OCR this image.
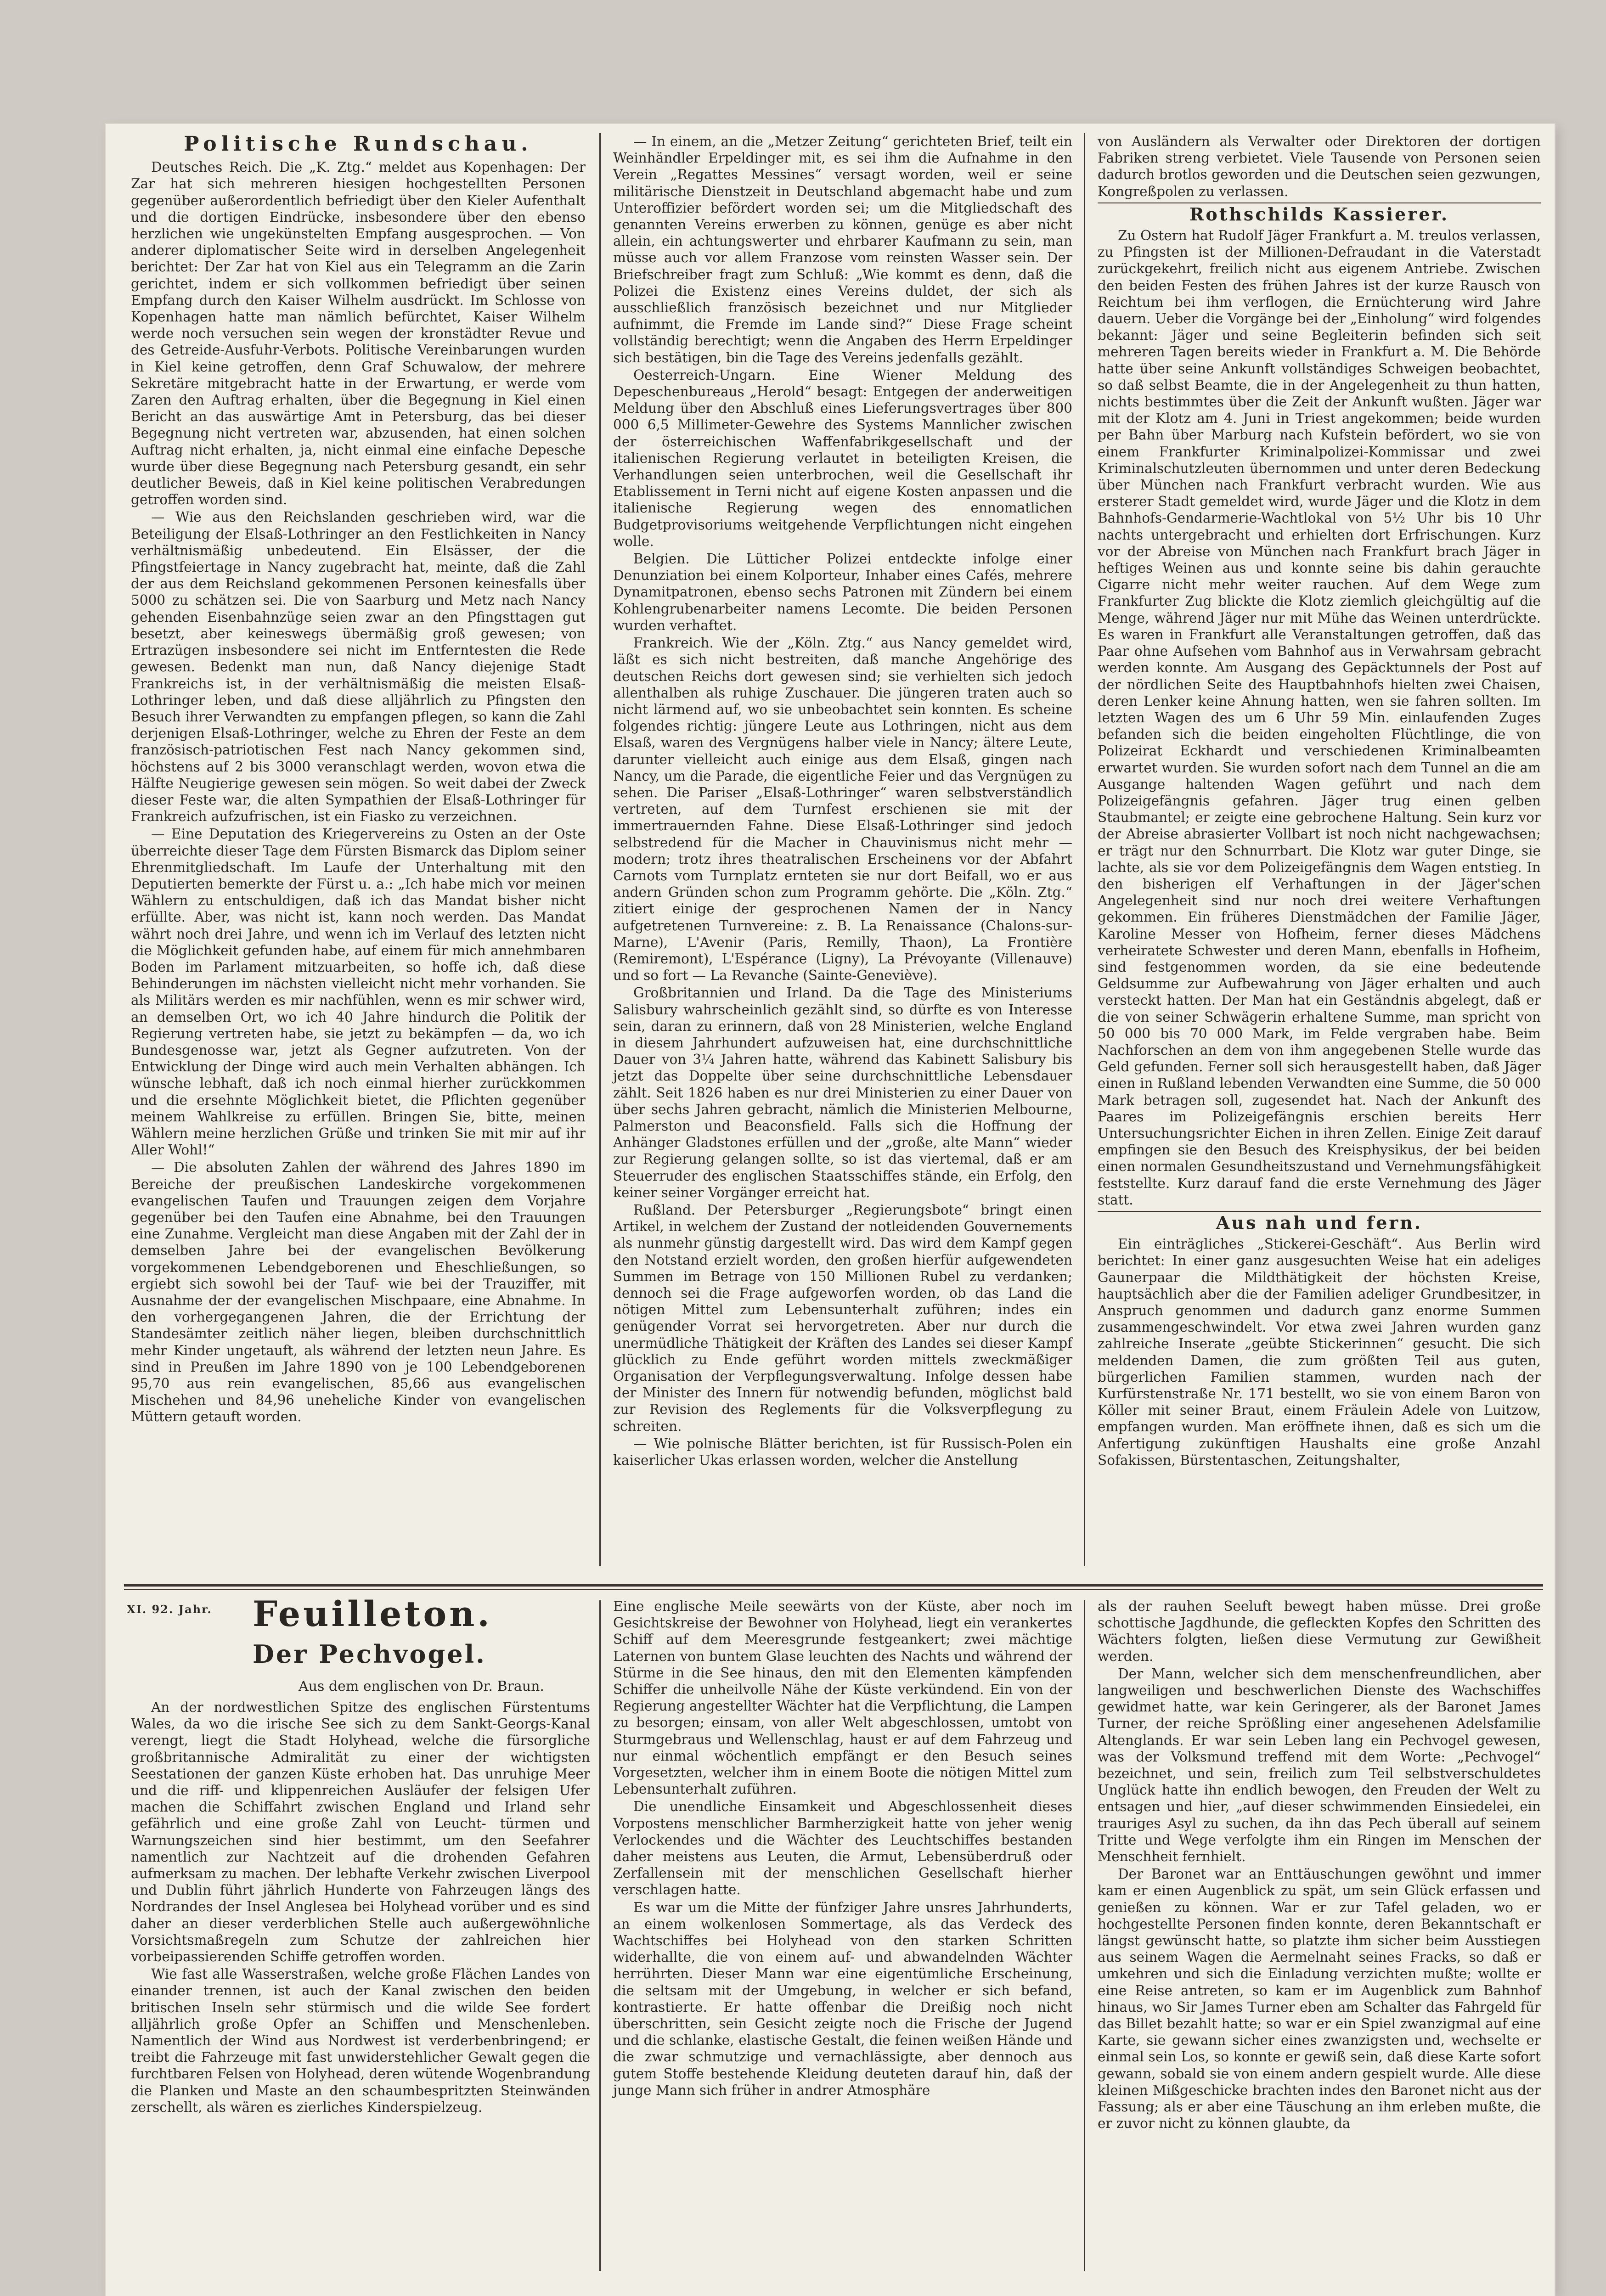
Politische Rundschau.

Deutsches Reich. Die „K. Ztg.“ meldet aus Kopenhagen: Der Zar hat sich mehreren hiesigen hochgestellten Personen gegenüber außerordentlich befriedigt über den Kieler Aufenthalt und die dortigen Eindrücke, insbesondere über den ebenso herzlichen wie ungekünstelten Empfang ausgesprochen. — Von anderer diplomatischer Seite wird in derselben Angelegenheit berichtet: Der Zar hat von Kiel aus ein Telegramm an die Zarin gerichtet, indem er sich vollkommen befriedigt über seinen Empfang durch den Kaiser Wilhelm ausdrückt. Im Schlosse von Kopenhagen hatte man nämlich befürchtet, Kaiser Wilhelm werde noch versuchen sein wegen der kronstädter Revue und des Getreide-Ausfuhr-Verbots. Politische Vereinbarungen wurden in Kiel keine getroffen, denn Graf Schuwalow, der mehrere Sekretäre mitgebracht hatte in der Erwartung, er werde vom Zaren den Auftrag erhalten, über die Begegnung in Kiel einen Bericht an das auswärtige Amt in Petersburg, das bei dieser Begegnung nicht vertreten war, abzusenden, hat einen solchen Auftrag nicht erhalten, ja, nicht einmal eine einfache Depesche wurde über diese Begegnung nach Petersburg gesandt, ein sehr deutlicher Beweis, daß in Kiel keine politischen Verabredungen getroffen worden sind.

— Wie aus den Reichslanden geschrieben wird, war die Beteiligung der Elsaß-Lothringer an den Festlichkeiten in Nancy verhältnismäßig unbedeutend. Ein Elsässer, der die Pfingstfeiertage in Nancy zugebracht hat, meinte, daß die Zahl der aus dem Reichsland gekommenen Personen keinesfalls über 5000 zu schätzen sei. Die von Saarburg und Metz nach Nancy gehenden Eisenbahnzüge seien zwar an den Pfingsttagen gut besetzt, aber keineswegs übermäßig groß gewesen; von Ertrazügen insbesondere sei nicht im Entferntesten die Rede gewesen. Bedenkt man nun, daß Nancy diejenige Stadt Frankreichs ist, in der verhältnismäßig die meisten Elsaß-Lothringer leben, und daß diese alljährlich zu Pfingsten den Besuch ihrer Verwandten zu empfangen pflegen, so kann die Zahl derjenigen Elsaß-Lothringer, welche zu Ehren der Feste an dem französisch-patriotischen Fest nach Nancy gekommen sind, höchstens auf 2 bis 3000 veranschlagt werden, wovon etwa die Hälfte Neugierige gewesen sein mögen. So weit dabei der Zweck dieser Feste war, die alten Sympathien der Elsaß-Lothringer für Frankreich aufzufrischen, ist ein Fiasko zu verzeichnen.

— Eine Deputation des Kriegervereins zu Osten an der Oste überreichte dieser Tage dem Fürsten Bismarck das Diplom seiner Ehrenmitgliedschaft. Im Laufe der Unterhaltung mit den Deputierten bemerkte der Fürst u. a.: „Ich habe mich vor meinen Wählern zu entschuldigen, daß ich das Mandat bisher nicht erfüllte. Aber, was nicht ist, kann noch werden. Das Mandat währt noch drei Jahre, und wenn ich im Verlauf des letzten nicht die Möglichkeit gefunden habe, auf einem für mich annehmbaren Boden im Parlament mitzuarbeiten, so hoffe ich, daß diese Behinderungen im nächsten vielleicht nicht mehr vorhanden. Sie als Militärs werden es mir nachfühlen, wenn es mir schwer wird, an demselben Ort, wo ich 40 Jahre hindurch die Politik der Regierung vertreten habe, sie jetzt zu bekämpfen — da, wo ich Bundesgenosse war, jetzt als Gegner aufzutreten. Von der Entwicklung der Dinge wird auch mein Verhalten abhängen. Ich wünsche lebhaft, daß ich noch einmal hierher zurückkommen und die ersehnte Möglichkeit bietet, die Pflichten gegenüber meinem Wahlkreise zu erfüllen. Bringen Sie, bitte, meinen Wählern meine herzlichen Grüße und trinken Sie mit mir auf ihr Aller Wohl!“

— Die absoluten Zahlen der während des Jahres 1890 im Bereiche der preußischen Landeskirche vorgekommenen evangelischen Taufen und Trauungen zeigen dem Vorjahre gegenüber bei den Taufen eine Abnahme, bei den Trauungen eine Zunahme. Vergleicht man diese Angaben mit der Zahl der in demselben Jahre bei der evangelischen Bevölkerung vorgekommenen Lebendgeborenen und Eheschließungen, so ergiebt sich sowohl bei der Tauf- wie bei der Trauziffer, mit Ausnahme der der evangelischen Mischpaare, eine Abnahme. In den vorhergegangenen Jahren, die der Errichtung der Standesämter zeitlich näher liegen, bleiben durchschnittlich mehr Kinder ungetauft, als während der letzten neun Jahre. Es sind in Preußen im Jahre 1890 von je 100 Lebendgeborenen 95,70 aus rein evangelischen, 85,66 aus evangelischen Mischehen und 84,96 uneheliche Kinder von evangelischen Müttern getauft worden.

— In einem, an die „Metzer Zeitung“ gerichteten Brief, teilt ein Weinhändler Erpeldinger mit, es sei ihm die Aufnahme in den Verein „Regattes Messines“ versagt worden, weil er seine militärische Dienstzeit in Deutschland abgemacht habe und zum Unteroffizier befördert worden sei; um die Mitgliedschaft des genannten Vereins erwerben zu können, genüge es aber nicht allein, ein achtungswerter und ehrbarer Kaufmann zu sein, man müsse auch vor allem Franzose vom reinsten Wasser sein. Der Briefschreiber fragt zum Schluß: „Wie kommt es denn, daß die Polizei die Existenz eines Vereins duldet, der sich als ausschließlich französisch bezeichnet und nur Mitglieder aufnimmt, die Fremde im Lande sind?“ Diese Frage scheint vollständig berechtigt; wenn die Angaben des Herrn Erpeldinger sich bestätigen, bin die Tage des Vereins jedenfalls gezählt.

Oesterreich-Ungarn. Eine Wiener Meldung des Depeschenbureaus „Herold“ besagt: Entgegen der anderweitigen Meldung über den Abschluß eines Lieferungsvertrages über 800 000 6,5 Millimeter-Gewehre des Systems Mannlicher zwischen der österreichischen Waffenfabrikgesellschaft und der italienischen Regierung verlautet in beteiligten Kreisen, die Verhandlungen seien unterbrochen, weil die Gesellschaft ihr Etablissement in Terni nicht auf eigene Kosten anpassen und die italienische Regierung wegen des ennomatlichen Budgetprovisoriums weitgehende Verpflichtungen nicht eingehen wolle.

Belgien. Die Lütticher Polizei entdeckte infolge einer Denunziation bei einem Kolporteur, Inhaber eines Cafés, mehrere Dynamitpatronen, ebenso sechs Patronen mit Zündern bei einem Kohlengrubenarbeiter namens Lecomte. Die beiden Personen wurden verhaftet.

Frankreich. Wie der „Köln. Ztg.“ aus Nancy gemeldet wird, läßt es sich nicht bestreiten, daß manche Angehörige des deutschen Reichs dort gewesen sind; sie verhielten sich jedoch allenthalben als ruhige Zuschauer. Die jüngeren traten auch so nicht lärmend auf, wo sie unbeobachtet sein konnten. Es scheine folgendes richtig: jüngere Leute aus Lothringen, nicht aus dem Elsaß, waren des Vergnügens halber viele in Nancy; ältere Leute, darunter vielleicht auch einige aus dem Elsaß, gingen nach Nancy, um die Parade, die eigentliche Feier und das Vergnügen zu sehen. Die Pariser „Elsaß-Lothringer“ waren selbstverständlich vertreten, auf dem Turnfest erschienen sie mit der immertrauernden Fahne. Diese Elsaß-Lothringer sind jedoch selbstredend für die Macher in Chauvinismus nicht mehr — modern; trotz ihres theatralischen Erscheinens vor der Abfahrt Carnots vom Turnplatz ernteten sie nur dort Beifall, wo er aus andern Gründen schon zum Programm gehörte. Die „Köln. Ztg.“ zitiert einige der gesprochenen Namen der in Nancy aufgetretenen Turnvereine: z. B. La Renaissance (Chalons-sur-Marne), L'Avenir (Paris, Remilly, Thaon), La Frontière (Remiremont), L'Espérance (Ligny), La Prévoyante (Villenauve) und so fort — La Revanche (Sainte-Geneviève).

Großbritannien und Irland. Da die Tage des Ministeriums Salisbury wahrscheinlich gezählt sind, so dürfte es von Interesse sein, daran zu erinnern, daß von 28 Ministerien, welche England in diesem Jahrhundert aufzuweisen hat, eine durchschnittliche Dauer von 3¼ Jahren hatte, während das Kabinett Salisbury bis jetzt das Doppelte über seine durchschnittliche Lebensdauer zählt. Seit 1826 haben es nur drei Ministerien zu einer Dauer von über sechs Jahren gebracht, nämlich die Ministerien Melbourne, Palmerston und Beaconsfield. Falls sich die Hoffnung der Anhänger Gladstones erfüllen und der „große, alte Mann“ wieder zur Regierung gelangen sollte, so ist das viertemal, daß er am Steuerruder des englischen Staatsschiffes stände, ein Erfolg, den keiner seiner Vorgänger erreicht hat.

Rußland. Der Petersburger „Regierungsbote“ bringt einen Artikel, in welchem der Zustand der notleidenden Gouvernements als nunmehr günstig dargestellt wird. Das wird dem Kampf gegen den Notstand erzielt worden, den großen hierfür aufgewendeten Summen im Betrage von 150 Millionen Rubel zu verdanken; dennoch sei die Frage aufgeworfen worden, ob das Land die nötigen Mittel zum Lebensunterhalt zuführen; indes ein genügender Vorrat sei hervorgetreten. Aber nur durch die unermüdliche Thätigkeit der Kräften des Landes sei dieser Kampf glücklich zu Ende geführt worden mittels zweckmäßiger Organisation der Verpflegungsverwaltung. Infolge dessen habe der Minister des Innern für notwendig befunden, möglichst bald zur Revision des Reglements für die Volksverpflegung zu schreiten.

— Wie polnische Blätter berichten, ist für Russisch-Polen ein kaiserlicher Ukas erlassen worden, welcher die Anstellung

von Ausländern als Verwalter oder Direktoren der dortigen Fabriken streng verbietet. Viele Tausende von Personen seien dadurch brotlos geworden und die Deutschen seien gezwungen, Kongreßpolen zu verlassen.

Rothschilds Kassierer.

Zu Ostern hat Rudolf Jäger Frankfurt a. M. treulos verlassen, zu Pfingsten ist der Millionen-Defraudant in die Vaterstadt zurückgekehrt, freilich nicht aus eigenem Antriebe. Zwischen den beiden Festen des frühen Jahres ist der kurze Rausch von Reichtum bei ihm verflogen, die Ernüchterung wird Jahre dauern. Ueber die Vorgänge bei der „Einholung“ wird folgendes bekannt: Jäger und seine Begleiterin befinden sich seit mehreren Tagen bereits wieder in Frankfurt a. M. Die Behörde hatte über seine Ankunft vollständiges Schweigen beobachtet, so daß selbst Beamte, die in der Angelegenheit zu thun hatten, nichts bestimmtes über die Zeit der Ankunft wußten. Jäger war mit der Klotz am 4. Juni in Triest angekommen; beide wurden per Bahn über Marburg nach Kufstein befördert, wo sie von einem Frankfurter Kriminalpolizei-Kommissar und zwei Kriminalschutzleuten übernommen und unter deren Bedeckung über München nach Frankfurt verbracht wurden. Wie aus ersterer Stadt gemeldet wird, wurde Jäger und die Klotz in dem Bahnhofs-Gendarmerie-Wachtlokal von 5½ Uhr bis 10 Uhr nachts untergebracht und erhielten dort Erfrischungen. Kurz vor der Abreise von München nach Frankfurt brach Jäger in heftiges Weinen aus und konnte seine bis dahin gerauchte Cigarre nicht mehr weiter rauchen. Auf dem Wege zum Frankfurter Zug blickte die Klotz ziemlich gleichgültig auf die Menge, während Jäger nur mit Mühe das Weinen unterdrückte. Es waren in Frankfurt alle Veranstaltungen getroffen, daß das Paar ohne Aufsehen vom Bahnhof aus in Verwahrsam gebracht werden konnte. Am Ausgang des Gepäcktunnels der Post auf der nördlichen Seite des Hauptbahnhofs hielten zwei Chaisen, deren Lenker keine Ahnung hatten, wen sie fahren sollten. Im letzten Wagen des um 6 Uhr 59 Min. einlaufenden Zuges befanden sich die beiden eingeholten Flüchtlinge, die von Polizeirat Eckhardt und verschiedenen Kriminalbeamten erwartet wurden. Sie wurden sofort nach dem Tunnel an die am Ausgange haltenden Wagen geführt und nach dem Polizeigefängnis gefahren. Jäger trug einen gelben Staubmantel; er zeigte eine gebrochene Haltung. Sein kurz vor der Abreise abrasierter Vollbart ist noch nicht nachgewachsen; er trägt nur den Schnurrbart. Die Klotz war guter Dinge, sie lachte, als sie vor dem Polizeigefängnis dem Wagen entstieg. In den bisherigen elf Verhaftungen in der Jäger'schen Angelegenheit sind nur noch drei weitere Verhaftungen gekommen. Ein früheres Dienstmädchen der Familie Jäger, Karoline Messer von Hofheim, ferner dieses Mädchens verheiratete Schwester und deren Mann, ebenfalls in Hofheim, sind festgenommen worden, da sie eine bedeutende Geldsumme zur Aufbewahrung von Jäger erhalten und auch versteckt hatten. Der Man hat ein Geständnis abgelegt, daß er die von seiner Schwägerin erhaltene Summe, man spricht von 50 000 bis 70 000 Mark, im Felde vergraben habe. Beim Nachforschen an dem von ihm angegebenen Stelle wurde das Geld gefunden. Ferner soll sich herausgestellt haben, daß Jäger einen in Rußland lebenden Verwandten eine Summe, die 50 000 Mark betragen soll, zugesendet hat. Nach der Ankunft des Paares im Polizeigefängnis erschien bereits Herr Untersuchungsrichter Eichen in ihren Zellen. Einige Zeit darauf empfingen sie den Besuch des Kreisphysikus, der bei beiden einen normalen Gesundheitszustand und Vernehmungsfähigkeit feststellte. Kurz darauf fand die erste Vernehmung des Jäger statt.

Aus nah und fern.

Ein einträgliches „Stickerei-Geschäft“. Aus Berlin wird berichtet: In einer ganz ausgesuchten Weise hat ein adeliges Gaunerpaar die Mildthätigkeit der höchsten Kreise, hauptsächlich aber die der Familien adeliger Grundbesitzer, in Anspruch genommen und dadurch ganz enorme Summen zusammengeschwindelt. Vor etwa zwei Jahren wurden ganz zahlreiche Inserate „geübte Stickerinnen“ gesucht. Die sich meldenden Damen, die zum größten Teil aus guten, bürgerlichen Familien stammen, wurden nach der Kurfürstenstraße Nr. 171 bestellt, wo sie von einem Baron von Köller mit seiner Braut, einem Fräulein Adele von Luitzow, empfangen wurden. Man eröffnete ihnen, daß es sich um die Anfertigung zukünftigen Haushalts eine große Anzahl Sofakissen, Bürstentaschen, Zeitungshalter,

XI. 92. Jahr. Feuilleton.
Der Pechvogel.
Aus dem englischen von Dr. Braun.

An der nordwestlichen Spitze des englischen Fürstentums Wales, da wo die irische See sich zu dem Sankt-Georgs-Kanal verengt, liegt die Stadt Holyhead, welche die fürsorgliche großbritannische Admiralität zu einer der wichtigsten Seestationen der ganzen Küste erhoben hat. Das unruhige Meer und die riff- und klippenreichen Ausläufer der felsigen Ufer machen die Schiffahrt zwischen England und Irland sehr gefährlich und eine große Zahl von Leucht- türmen und Warnungszeichen sind hier bestimmt, um den Seefahrer namentlich zur Nachtzeit auf die drohenden Gefahren aufmerksam zu machen. Der lebhafte Verkehr zwischen Liverpool und Dublin führt jährlich Hunderte von Fahrzeugen längs des Nordrandes der Insel Anglesea bei Holyhead vorüber und es sind daher an dieser verderblichen Stelle auch außergewöhnliche Vorsichtsmaßregeln zum Schutze der zahlreichen hier vorbeipassierenden Schiffe getroffen worden.

Wie fast alle Wasserstraßen, welche große Flächen Landes von einander trennen, ist auch der Kanal zwischen den beiden britischen Inseln sehr stürmisch und die wilde See fordert alljährlich große Opfer an Schiffen und Menschenleben. Namentlich der Wind aus Nordwest ist verderbenbringend; er treibt die Fahrzeuge mit fast unwiderstehlicher Gewalt gegen die furchtbaren Felsen von Holyhead, deren wütende Wogenbrandung die Planken und Maste an den schaumbespritzten Steinwänden zerschellt, als wären es zierliches Kinderspielzeug.

Eine englische Meile seewärts von der Küste, aber noch im Gesichtskreise der Bewohner von Holyhead, liegt ein verankertes Schiff auf dem Meeresgrunde festgeankert; zwei mächtige Laternen von buntem Glase leuchten des Nachts und während der Stürme in die See hinaus, den mit den Elementen kämpfenden Schiffer die unheilvolle Nähe der Küste verkündend. Ein von der Regierung angestellter Wächter hat die Verpflichtung, die Lampen zu besorgen; einsam, von aller Welt abgeschlossen, umtobt von Sturmgebraus und Wellenschlag, haust er auf dem Fahrzeug und nur einmal wöchentlich empfängt er den Besuch seines Vorgesetzten, welcher ihm in einem Boote die nötigen Mittel zum Lebensunterhalt zuführen.

Die unendliche Einsamkeit und Abgeschlossenheit dieses Vorpostens menschlicher Barmherzigkeit hatte von jeher wenig Verlockendes und die Wächter des Leuchtschiffes bestanden daher meistens aus Leuten, die Armut, Lebensüberdruß oder Zerfallensein mit der menschlichen Gesellschaft hierher verschlagen hatte.

Es war um die Mitte der fünfziger Jahre unsres Jahrhunderts, an einem wolkenlosen Sommertage, als das Verdeck des Wachtschiffes bei Holyhead von den starken Schritten widerhallte, die von einem auf- und abwandelnden Wächter herrührten. Dieser Mann war eine eigentümliche Erscheinung, die seltsam mit der Umgebung, in welcher er sich befand, kontrastierte. Er hatte offenbar die Dreißig noch nicht überschritten, sein Gesicht zeigte noch die Frische der Jugend und die schlanke, elastische Gestalt, die feinen weißen Hände und die zwar schmutzige und vernachlässigte, aber dennoch aus gutem Stoffe bestehende Kleidung deuteten darauf hin, daß der junge Mann sich früher in andrer Atmosphäre

als der rauhen Seeluft bewegt haben müsse. Drei große schottische Jagdhunde, die gefleckten Kopfes den Schritten des Wächters folgten, ließen diese Vermutung zur Gewißheit werden.

Der Mann, welcher sich dem menschenfreundlichen, aber langweiligen und beschwerlichen Dienste des Wachschiffes gewidmet hatte, war kein Geringerer, als der Baronet James Turner, der reiche Sprößling einer angesehenen Adelsfamilie Altenglands. Er war sein Leben lang ein Pechvogel gewesen, was der Volksmund treffend mit dem Worte: „Pechvogel“ bezeichnet, und sein, freilich zum Teil selbstverschuldetes Unglück hatte ihn endlich bewogen, den Freuden der Welt zu entsagen und hier, „auf dieser schwimmenden Einsiedelei, ein trauriges Asyl zu suchen, da ihn das Pech überall auf seinem Tritte und Wege verfolgte ihm ein Ringen im Menschen der Menschheit fernhielt.

Der Baronet war an Enttäuschungen gewöhnt und immer kam er einen Augenblick zu spät, um sein Glück erfassen und genießen zu können. War er zur Tafel geladen, wo er hochgestellte Personen finden konnte, deren Bekanntschaft er längst gewünscht hatte, so platzte ihm sicher beim Ausstiegen aus seinem Wagen die Aermelnaht seines Fracks, so daß er umkehren und sich die Einladung verzichten mußte; wollte er eine Reise antreten, so kam er im Augenblick zum Bahnhof hinaus, wo Sir James Turner eben am Schalter das Fahrgeld für das Billet bezahlt hatte; so war er ein Spiel zwanzigmal auf eine Karte, sie gewann sicher eines zwanzigsten und, wechselte er einmal sein Los, so konnte er gewiß sein, daß diese Karte sofort gewann, sobald sie von einem andern gespielt wurde. Alle diese kleinen Mißgeschicke brachten indes den Baronet nicht aus der Fassung; als er aber eine Täuschung an ihm erleben mußte, die er zuvor nicht zu können glaubte, da
